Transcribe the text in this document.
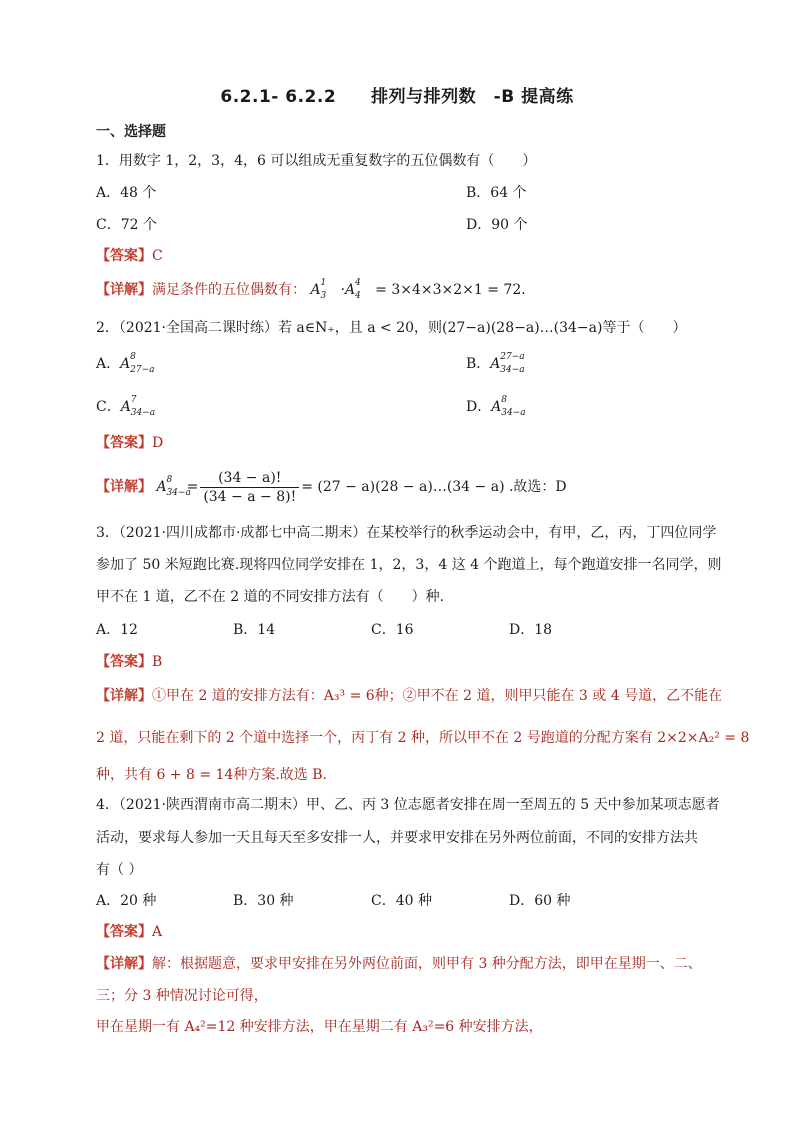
6.2.1- 6.2.2　　排列与排列数　-B 提高练
一、选择题
1．用数字 1，2，3，4，6 可以组成无重复数字的五位偶数有（　　）
A．48 个	B．64 个
C．72 个	D．90 个
【答案】C
【详解】满足条件的五位偶数有： A 1
3 ·A 4
4 = 3×4×3×2×1 = 72．
2．（2021·全国高二课时练）若 a∈N₊，且 a < 20，则(27−a)(28−a)…(34−a)等于（　　）
A．A 8
27−a	B．A 27−a
34−a
C．A 7
34−a	D．A 8
34−a
【答案】D
【详解】 A 8
34−a
= $\frac{(34 - a)!}{(34 - a - 8)!} = (27 - a)(28$ − a)…(34 − a) .故选：D
3．（2021·四川成都市·成都七中高二期末）在某校举行的秋季运动会中，有甲，乙，丙，丁四位同学
参加了 50 米短跑比赛.现将四位同学安排在 1，2，3，4 这 4 个跑道上，每个跑道安排一名同学，则
甲不在 1 道，乙不在 2 道的不同安排方法有（　　）种.
A．12	B．14	C．16	D．18
【答案】B
【详解】①甲在 2 道的安排方法有：A₃³ = 6种；②甲不在 2 道，则甲只能在 3 或 4 号道，乙不能在
2 道，只能在剩下的 2 个道中选择一个，丙丁有 2 种，所以甲不在 2 号跑道的分配方案有 2×2×A₂² = 8
种，共有 6 + 8 = 14种方案.故选 B.
4．（2021·陕西渭南市高二期末）甲、乙、丙 3 位志愿者安排在周一至周五的 5 天中参加某项志愿者
活动，要求每人参加一天且每天至多安排一人，并要求甲安排在另外两位前面，不同的安排方法共
有（ ）
A．20 种	B．30 种	C．40 种	D．60 种
【答案】A
【详解】解：根据题意，要求甲安排在另外两位前面，则甲有 3 种分配方法，即甲在星期一、二、
三；分 3 种情况讨论可得，
甲在星期一有 A₄²=12 种安排方法，甲在星期二有 A₃²=6 种安排方法，
